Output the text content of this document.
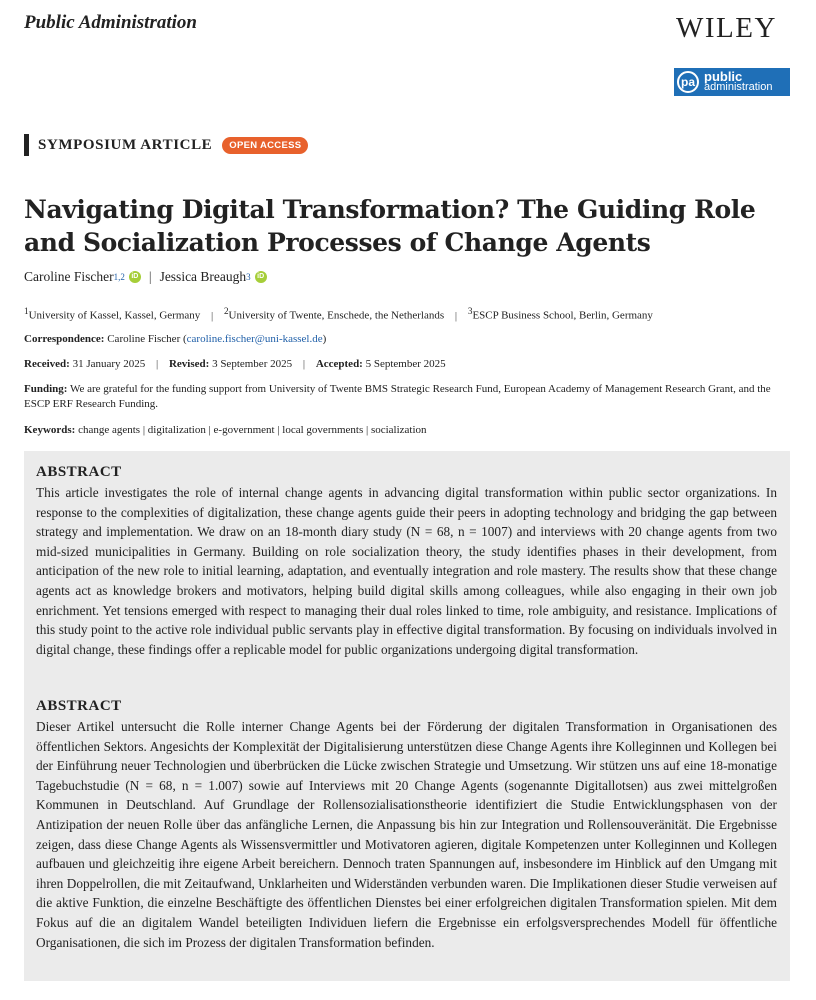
Public Administration	WILEY
pa public
administration
SYMPOSIUM ARTICLE	OPEN ACCESS
Navigating Digital Transformation? The Guiding Role and Socialization Processes of Change Agents
Caroline Fischer 1,2 iD | Jessica Breaugh 3 iD
$^1$University of Kassel, Kassel, Germany | $^2$University of Twente, Enschede, the Netherlands | $^3$ESCP Business School, Berlin, Germany
Correspondence: Caroline Fischer (caroline.fischer@uni-kassel.de)
Received: 31 January 2025 | Revised: 3 September 2025 | Accepted: 5 September 2025
Funding: We are grateful for the funding support from University of Twente BMS Strategic Research Fund, European Academy of Management Research Grant, and the ESCP ERF Research Funding.
Keywords: change agents | digitalization | e-government | local governments | socialization
ABSTRACT

This article investigates the role of internal change agents in advancing digital transformation within public sector organizations. In response to the complexities of digitalization, these change agents guide their peers in adopting technology and bridging the gap between strategy and implementation. We draw on an 18-month diary study (N = 68, n = 1007) and interviews with 20 change agents from two mid-sized municipalities in Germany. Building on role socialization theory, the study identifies phases in their development, from anticipation of the new role to initial learning, adaptation, and eventually integration and role mastery. The results show that these change agents act as knowledge brokers and motivators, helping build digital skills among colleagues, while also engaging in their own job enrichment. Yet tensions emerged with respect to managing their dual roles linked to time, role ambiguity, and resistance. Implications of this study point to the active role individual public servants play in effective digital transformation. By focusing on individuals involved in digital change, these findings offer a replicable model for public organizations undergoing digital transformation.

ABSTRACT

Dieser Artikel untersucht die Rolle interner Change Agents bei der Förderung der digitalen Transformation in Organisationen des öffentlichen Sektors. Angesichts der Komplexität der Digitalisierung unterstützen diese Change Agents ihre Kolleginnen und Kollegen bei der Einführung neuer Technologien und überbrücken die Lücke zwischen Strategie und Umsetzung. Wir stützen uns auf eine 18-monatige Tagebuchstudie (N = 68, n = 1.007) sowie auf Interviews mit 20 Change Agents (sogenannte Digitallotsen) aus zwei mittelgroßen Kommunen in Deutschland. Auf Grundlage der Rollensozialisationstheorie identifiziert die Studie Entwicklungsphasen von der Antizipation der neuen Rolle über das anfängliche Lernen, die Anpassung bis hin zur Integration und Rollensouveränität. Die Ergebnisse zeigen, dass diese Change Agents als Wissensvermittler und Motivatoren agieren, digitale Kompetenzen unter Kolleginnen und Kollegen aufbauen und gleichzeitig ihre eigene Arbeit bereichern. Dennoch traten Spannungen auf, insbesondere im Hinblick auf den Umgang mit ihren Doppelrollen, die mit Zeitaufwand, Unklarheiten und Widerständen verbunden waren. Die Implikationen dieser Studie verweisen auf die aktive Funktion, die einzelne Beschäftigte des öffentlichen Dienstes bei einer erfolgreichen digitalen Transformation spielen. Mit dem Fokus auf die an digitalem Wandel beteiligten Individuen liefern die Ergebnisse ein erfolgsversprechendes Modell für öffentliche Organisationen, die sich im Prozess der digitalen Transformation befinden.
